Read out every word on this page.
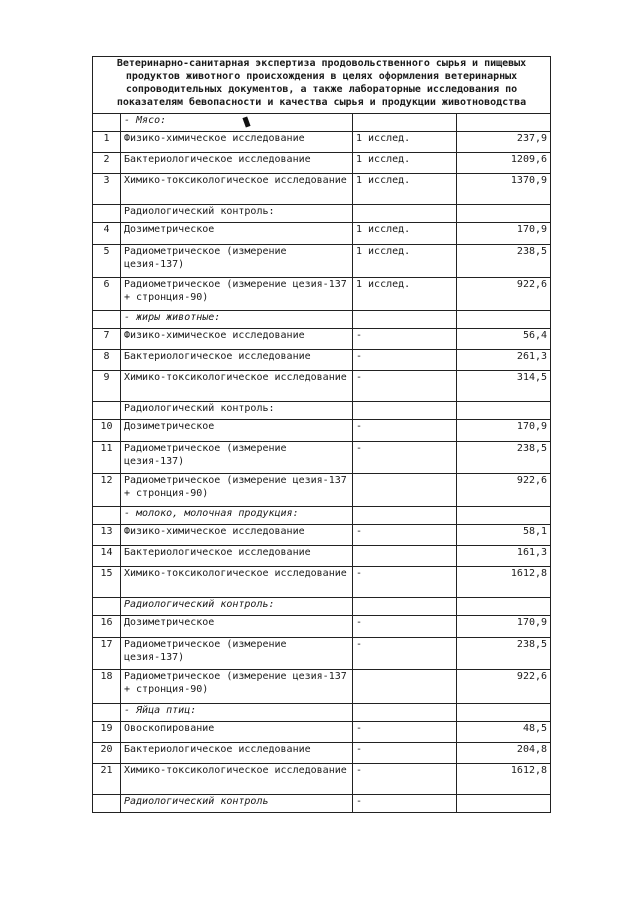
Ветеринарно-санитарная экспертиза продовольственного сырья и пищевых продуктов животного происхождения в целях оформления ветеринарных сопроводительных документов, а также лабораторные исследования по показателям бевопасности и качества сырья и продукции животноводства			
	- Мясо:		
1	Физико-химическое исследование	1 исслед.	237,9
2	Бактериологическое исследование	1 исслед.	1209,6
3	Химико-токсикологическое исследование	1 исслед.	1370,9
	Радиологический контроль:		
4	Дозиметрическое	1 исслед.	170,9
5	Радиометрическое (измерение цезия-137)	1 исслед.	238,5
6	Радиометрическое (измерение цезия-137 + стронция-90)	1 исслед.	922,6
	- жиры животные:		
7	Физико-химическое исследование	-	56,4
8	Бактериологическое исследование	-	261,3
9	Химико-токсикологическое исследование	-	314,5
	Радиологический контроль:		
10	Дозиметрическое	-	170,9
11	Радиометрическое (измерение цезия-137)	-	238,5
12	Радиометрическое (измерение цезия-137 + стронция-90)		922,6
	- молоко, молочная продукция:		
13	Физико-химическое исследование	-	58,1
14	Бактериологическое исследование		161,3
15	Химико-токсикологическое исследование	-	1612,8
	Радиологический контроль:		
16	Дозиметрическое	-	170,9
17	Радиометрическое (измерение цезия-137)	-	238,5
18	Радиометрическое (измерение цезия-137 + стронция-90)		922,6
	- Яйца птиц:		
19	Овоскопирование	-	48,5
20	Бактериологическое исследование	-	204,8
21	Химико-токсикологическое исследование	-	1612,8
	Радиологический контроль	-	
